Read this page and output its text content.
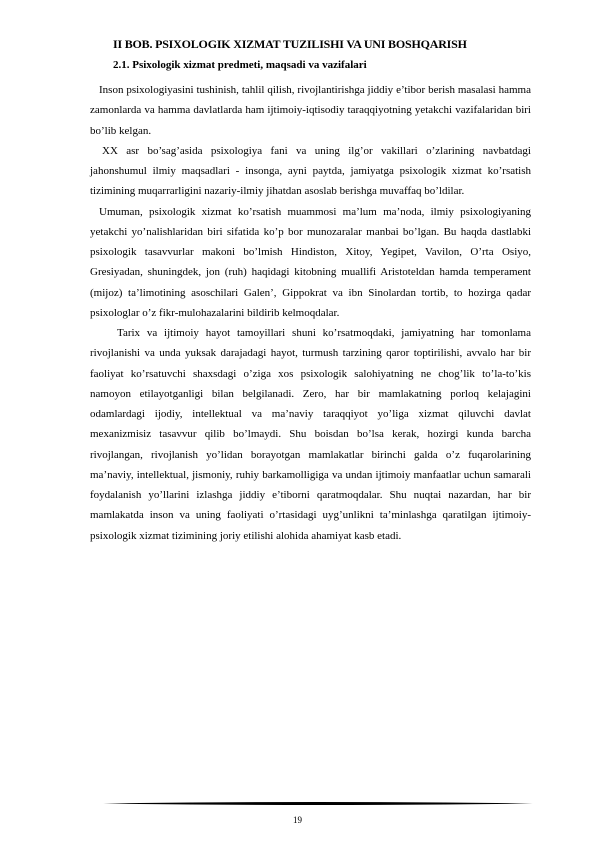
II BOB. PSIXOLOGIK XIZMAT TUZILISHI VA UNI BOSHQARISH
2.1. Psixologik xizmat predmeti, maqsadi va vazifalari

Inson psixologiyasini tushinish, tahlil qilish, rivojlantirishga jiddiy e’tibor berish masalasi hamma zamonlarda va hamma davlatlarda ham ijtimoiy-iqtisodiy taraqqiyotning yetakchi vazifalaridan biri bo’lib kelgan.

XX asr bo’sag’asida psixologiya fani va uning ilg’or vakillari o’zlarining navbatdagi jahonshumul ilmiy maqsadlari - insonga, ayni paytda, jamiyatga psixologik xizmat ko’rsatish tizimining muqarrarligini nazariy-ilmiy jihatdan asoslab berishga muvaffaq bo’ldilar.

Umuman, psixologik xizmat ko’rsatish muammosi ma’lum ma’noda, ilmiy psixologiyaning yetakchi yo’nalishlaridan biri sifatida ko’p bor munozaralar manbai bo’lgan. Bu haqda dastlabki psixologik tasavvurlar makoni bo’lmish Hindiston, Xitoy, Yegipet, Vavilon, O’rta Osiyo, Gresiyadan, shuningdek, jon (ruh) haqidagi kitobning muallifi Aristoteldan hamda temperament (mijoz) ta’limotining asoschilari Galen’, Gippokrat va ibn Sinolardan tortib, to hozirga qadar psixologlar o’z fikr-mulohazalarini bildirib kelmoqdalar.

Tarix va ijtimoiy hayot tamoyillari shuni ko’rsatmoqdaki, jamiyatning har tomonlama rivojlanishi va unda yuksak darajadagi hayot, turmush tarzining qaror toptirilishi, avvalo har bir faoliyat ko’rsatuvchi shaxsdagi o’ziga xos psixologik salohiyatning ne chog’lik to’la-to’kis namoyon etilayotganligi bilan belgilanadi. Zero, har bir mamlakatning porloq kelajagini odamlardagi ijodiy, intellektual va ma’naviy taraqqiyot yo’liga xizmat qiluvchi davlat mexanizmisiz tasavvur qilib bo’lmaydi. Shu boisdan bo’lsa kerak, hozirgi kunda barcha rivojlangan, rivojlanish yo’lidan borayotgan mamlakatlar birinchi galda o’z fuqarolarining ma’naviy, intellektual, jismoniy, ruhiy barkamolligiga va undan ijtimoiy manfaatlar uchun samarali foydalanish yo’llarini izlashga jiddiy e’tiborni qaratmoqdalar. Shu nuqtai nazardan, har bir mamlakatda inson va uning faoliyati o’rtasidagi uyg’unlikni ta’minlashga qaratilgan ijtimoiy-psixologik xizmat tizimining joriy etilishi alohida ahamiyat kasb etadi.

19
